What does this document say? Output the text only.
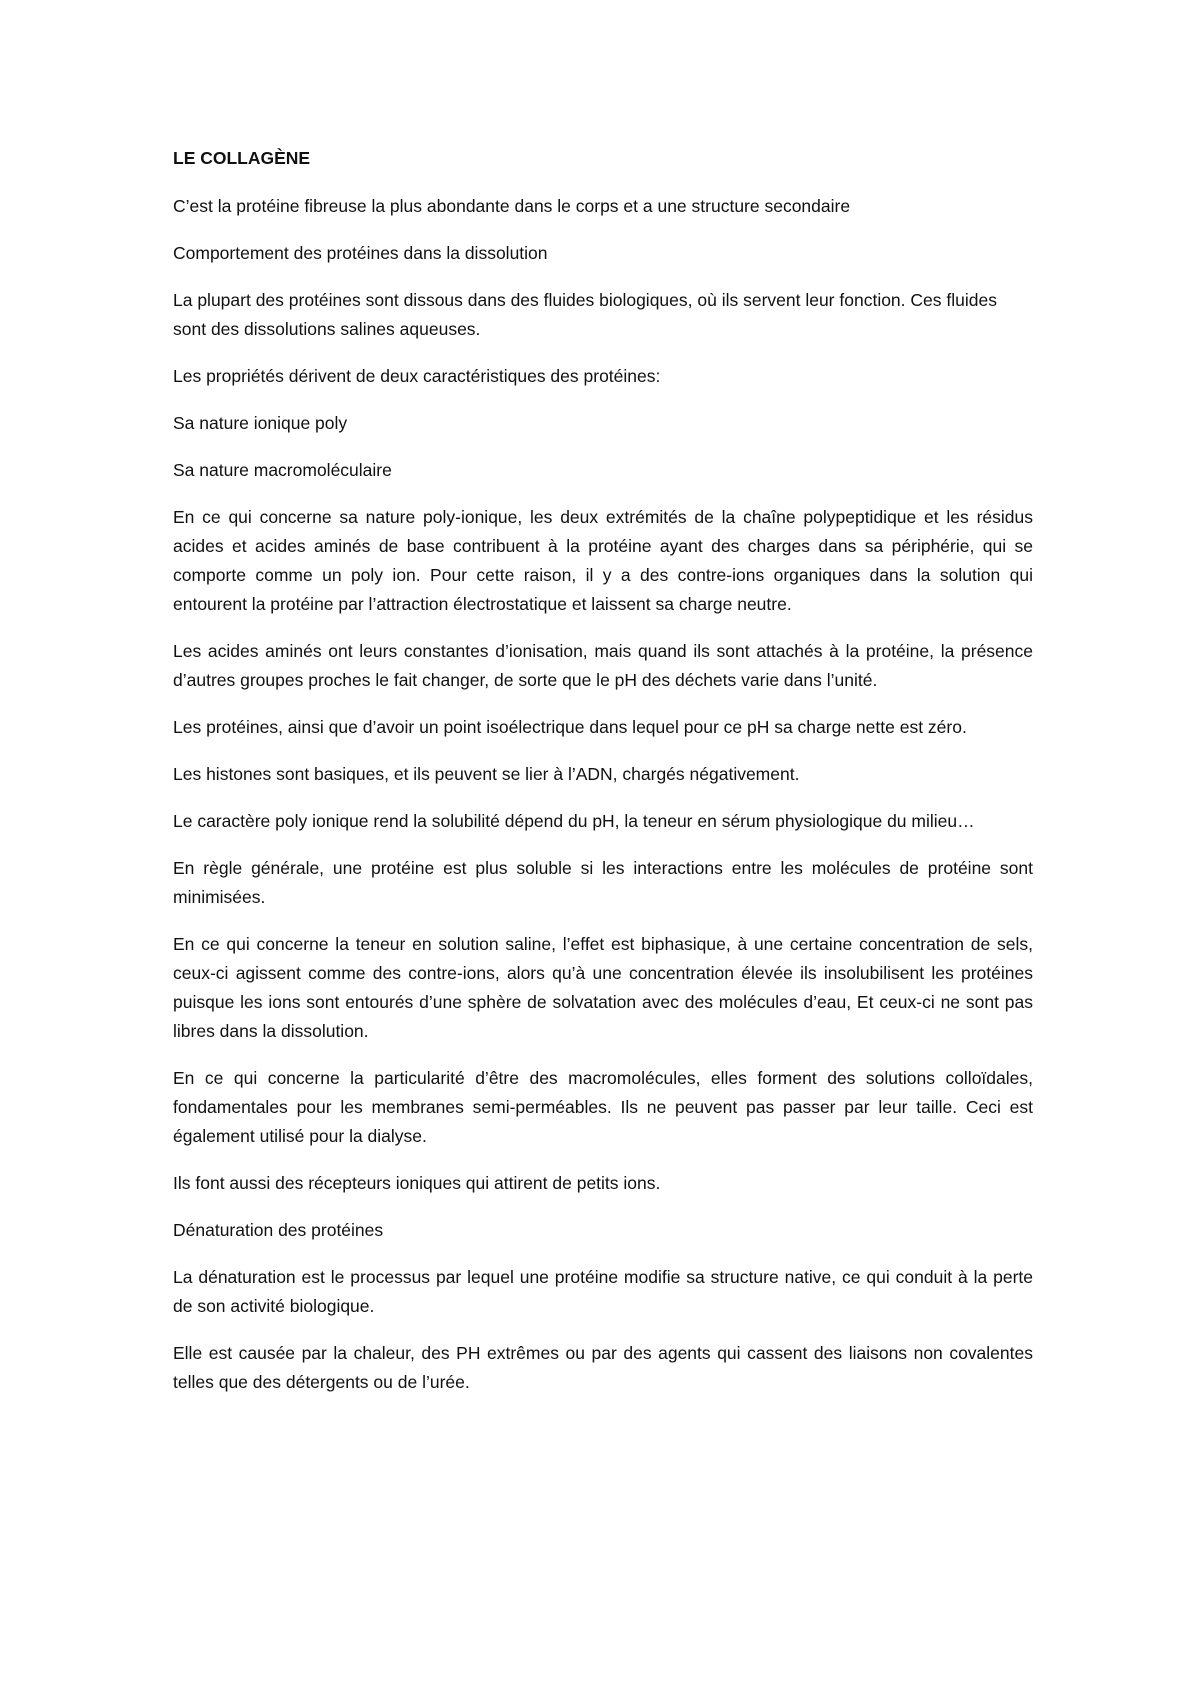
LE COLLAGÈNE

C’est la protéine fibreuse la plus abondante dans le corps et a une structure secondaire

Comportement des protéines dans la dissolution

La plupart des protéines sont dissous dans des fluides biologiques, où ils servent leur fonction. Ces fluides sont des dissolutions salines aqueuses.

Les propriétés dérivent de deux caractéristiques des protéines:

Sa nature ionique poly

Sa nature macromoléculaire

En ce qui concerne sa nature poly-ionique, les deux extrémités de la chaîne polypeptidique et les résidus acides et acides aminés de base contribuent à la protéine ayant des charges dans sa périphérie, qui se comporte comme un poly ion. Pour cette raison, il y a des contre-ions organiques dans la solution qui entourent la protéine par l’attraction électrostatique et laissent sa charge neutre.

Les acides aminés ont leurs constantes d’ionisation, mais quand ils sont attachés à la protéine, la présence d’autres groupes proches le fait changer, de sorte que le pH des déchets varie dans l’unité.

Les protéines, ainsi que d’avoir un point isoélectrique dans lequel pour ce pH sa charge nette est zéro.

Les histones sont basiques, et ils peuvent se lier à l’ADN, chargés négativement.

Le caractère poly ionique rend la solubilité dépend du pH, la teneur en sérum physiologique du milieu…

En règle générale, une protéine est plus soluble si les interactions entre les molécules de protéine sont minimisées.

En ce qui concerne la teneur en solution saline, l’effet est biphasique, à une certaine concentration de sels, ceux-ci agissent comme des contre-ions, alors qu’à une concentration élevée ils insolubilisent les protéines puisque les ions sont entourés d’une sphère de solvatation avec des molécules d’eau, Et ceux-ci ne sont pas libres dans la dissolution.

En ce qui concerne la particularité d’être des macromolécules, elles forment des solutions colloïdales, fondamentales pour les membranes semi-perméables. Ils ne peuvent pas passer par leur taille. Ceci est également utilisé pour la dialyse.

Ils font aussi des récepteurs ioniques qui attirent de petits ions.

Dénaturation des protéines

La dénaturation est le processus par lequel une protéine modifie sa structure native, ce qui conduit à la perte de son activité biologique.

Elle est causée par la chaleur, des PH extrêmes ou par des agents qui cassent des liaisons non covalentes telles que des détergents ou de l’urée.
